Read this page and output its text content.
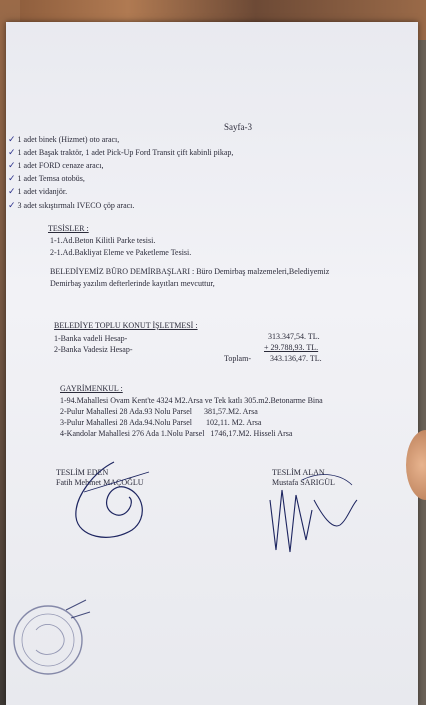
Sayfa-3
✓ 1 adet binek (Hizmet) oto aracı,
✓ 1 adet Başak traktör, 1 adet Pick-Up Ford Transit çift kabinli pikap,
✓ 1 adet FORD cenaze aracı,
✓ 1 adet Temsa otobüs,
✓ 1 adet vidanjör.
✓ 3 adet sıkıştırmalı IVECO çöp aracı.
TESİSLER :
1-1.Ad.Beton Kilitli Parke tesisi.
2-1.Ad.Bakliyat Eleme ve Paketleme Tesisi.
BELEDİYEMİZ BÜRO DEMİRBAŞLARI : Büro Demirbaş malzemeleri,Belediyemiz
Demirbaş yazılım defterlerinde kayıtları mevcuttur,
BELEDİYE TOPLU KONUT İŞLETMESİ :
1-Banka vadeli Hesap-	313.347,54. TL.
2-Banka Vadesiz Hesap-	+ 29.788,93. TL.
Toplam- 343.136,47. TL.
GAYRİMENKUL :
1-94.Mahallesi Ovam Kent'te 4324 M2.Arsa ve Tek katlı 305.m2.Betonarme Bina
2-Pulur Mahallesi 28 Ada.93 Nolu Parsel      381,57.M2. Arsa
3-Pulur Mahallesi 28 Ada.94.Nolu Parsel       102,11. M2. Arsa
4-Kandolar Mahallesi 276 Ada 1.Nolu Parsel   1746,17.M2. Hisseli Arsa
TESLİM EDEN
Fatih Mehmet MAÇOĞLU
TESLİM ALAN
Mustafa SARIGÜL
